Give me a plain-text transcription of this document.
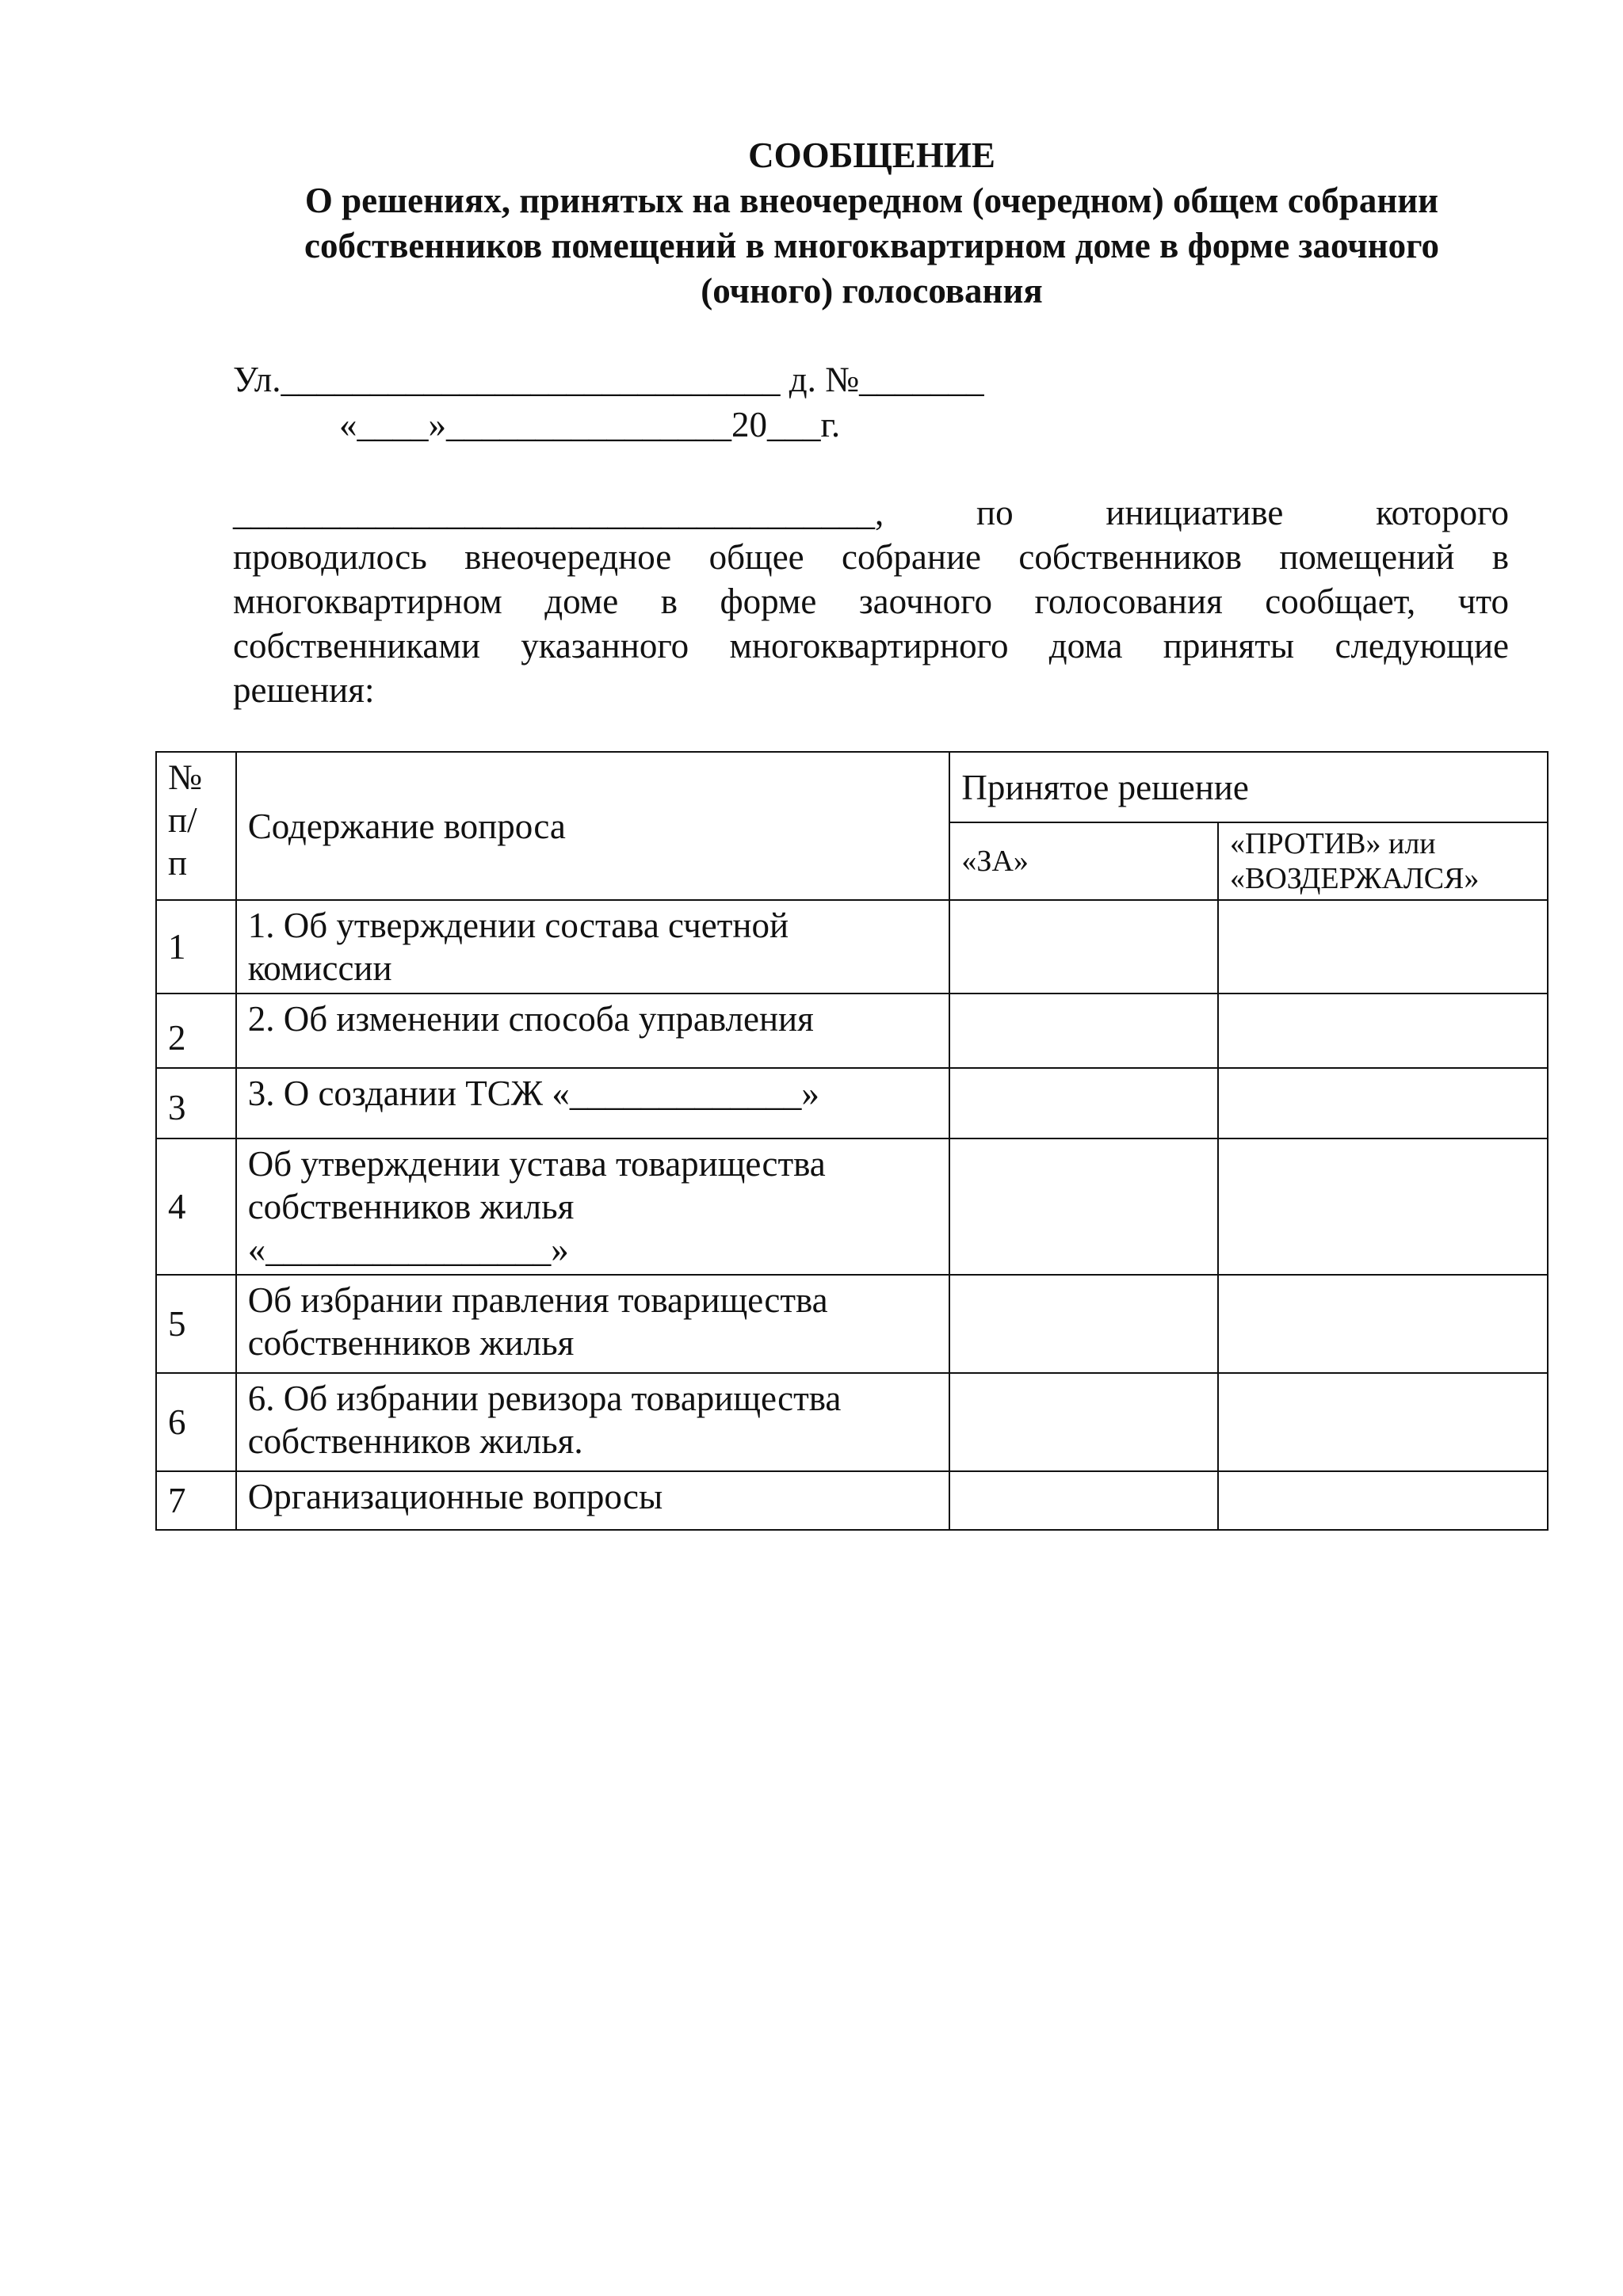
СООБЩЕНИЕ
О решениях, принятых на внеочередном (очередном) общем собрании
собственников помещений в многоквартирном доме в форме заочного
(очного) голосования
Ул.____________________________ д. №_______
«____»________________20___г.
____________________________________,	по	инициативе	которого
проводилось внеочередное общее собрание собственников помещений в
многоквартирном доме в форме заочного голосования сообщает, что
собственниками указанного многоквартирного дома приняты следующие
решения:
№
п/
п	Содержание вопроса	Принятое решение	
		«ЗА»	«ПРОТИВ» или
«ВОЗДЕРЖАЛСЯ»

1	1. Об утверждении состава счетной
комиссии		

2	2. Об изменении способа управления		

3	3. О создании ТСЖ «_____________»		

4	Об утверждении устава товарищества
собственников жилья
«________________»		

5	Об избрании правления товарищества
собственников жилья		

6	6. Об избрании ревизора товарищества
собственников жилья.		

7	Организационные вопросы		
